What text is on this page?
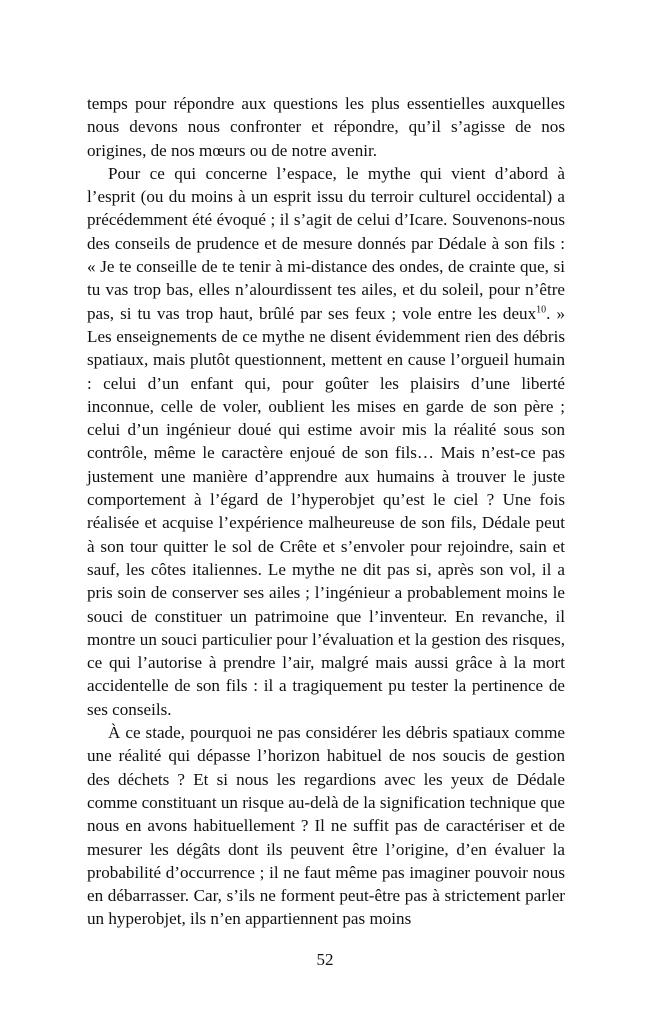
temps pour répondre aux questions les plus essentielles auxquelles nous devons nous confronter et répondre, qu’il s’agisse de nos origines, de nos mœurs ou de notre avenir.

Pour ce qui concerne l’espace, le mythe qui vient d’abord à l’esprit (ou du moins à un esprit issu du terroir culturel occidental) a précédemment été évoqué ; il s’agit de celui d’Icare. Souvenons-nous des conseils de prudence et de mesure donnés par Dédale à son fils : « Je te conseille de te tenir à mi-distance des ondes, de crainte que, si tu vas trop bas, elles n’alourdissent tes ailes, et du soleil, pour n’être pas, si tu vas trop haut, brûlé par ses feux ; vole entre les deux$^{10}$. » Les enseignements de ce mythe ne disent évidemment rien des débris spatiaux, mais plutôt questionnent, mettent en cause l’orgueil humain : celui d’un enfant qui, pour goûter les plaisirs d’une liberté inconnue, celle de voler, oublient les mises en garde de son père ; celui d’un ingénieur doué qui estime avoir mis la réalité sous son contrôle, même le caractère enjoué de son fils… Mais n’est-ce pas justement une manière d’apprendre aux humains à trouver le juste comportement à l’égard de l’hyperobjet qu’est le ciel ? Une fois réalisée et acquise l’expérience malheureuse de son fils, Dédale peut à son tour quitter le sol de Crête et s’envoler pour rejoindre, sain et sauf, les côtes italiennes. Le mythe ne dit pas si, après son vol, il a pris soin de conserver ses ailes ; l’ingénieur a probablement moins le souci de constituer un patrimoine que l’inventeur. En revanche, il montre un souci particulier pour l’évaluation et la gestion des risques, ce qui l’autorise à prendre l’air, malgré mais aussi grâce à la mort accidentelle de son fils : il a tragiquement pu tester la pertinence de ses conseils.

À ce stade, pourquoi ne pas considérer les débris spatiaux comme une réalité qui dépasse l’horizon habituel de nos soucis de gestion des déchets ? Et si nous les regardions avec les yeux de Dédale comme constituant un risque au-delà de la signification technique que nous en avons habituellement ? Il ne suffit pas de caractériser et de mesurer les dégâts dont ils peuvent être l’origine, d’en évaluer la probabilité d’occurrence ; il ne faut même pas imaginer pouvoir nous en débarrasser. Car, s’ils ne forment peut-être pas à strictement parler un hyperobjet, ils n’en appartiennent pas moins

52
